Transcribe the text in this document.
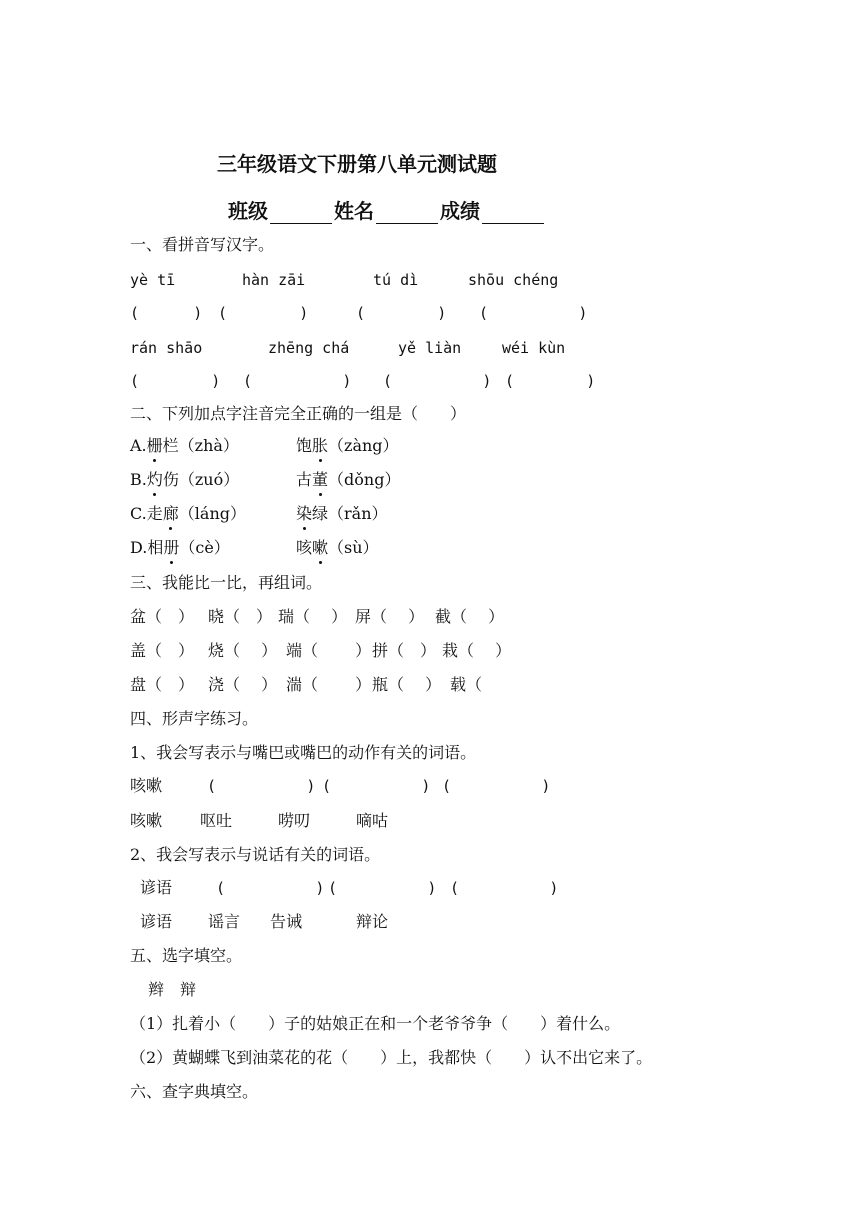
三年级语文下册第八单元测试题
班级	姓名	成绩
一、看拼音写汉字。
yè tī	hàn zāi	tú dì	shōu chéng
(      ) (        )	(        ) (          )
rán shāo	zhēng chá	yě liàn	wéi kùn
(        ) (          ) (          ) (        )
二、下列加点字注音完全正确的一组是（　　）
A.栅栏（zhà）	饱胀（zàng）
B.灼伤（zuó）	古董（dǒng）
C.走廊（láng）	染绿（rǎn）
D.相册（cè）	咳嗽（sù）
三、我能比一比，再组词。
盆（　） 晓（　） 瑞（　 ） 屏（　 ） 截（　 ）
盖（　） 烧（　 ） 端（　 　） 拼（　） 栽（　 ）
盘（　） 浇（　 ） 湍（　 　） 瓶（　 ） 载（
四、形声字练习。
1、我会写表示与嘴巴或嘴巴的动作有关的词语。
咳嗽	(          ) (          ) (          )
咳嗽 呕吐	唠叨	嘀咕
2、我会写表示与说话有关的词语。
谚语	(          ) (          ) (          )
谚语 谣言 告诫	辩论
五、选字填空。
辫　辩
（1）扎着小（　　）子的姑娘正在和一个老爷爷争（　　）着什么。
（2）黄蝴蝶飞到油菜花的花（　　）上，我都快（　　）认不出它来了。
六、查字典填空。
